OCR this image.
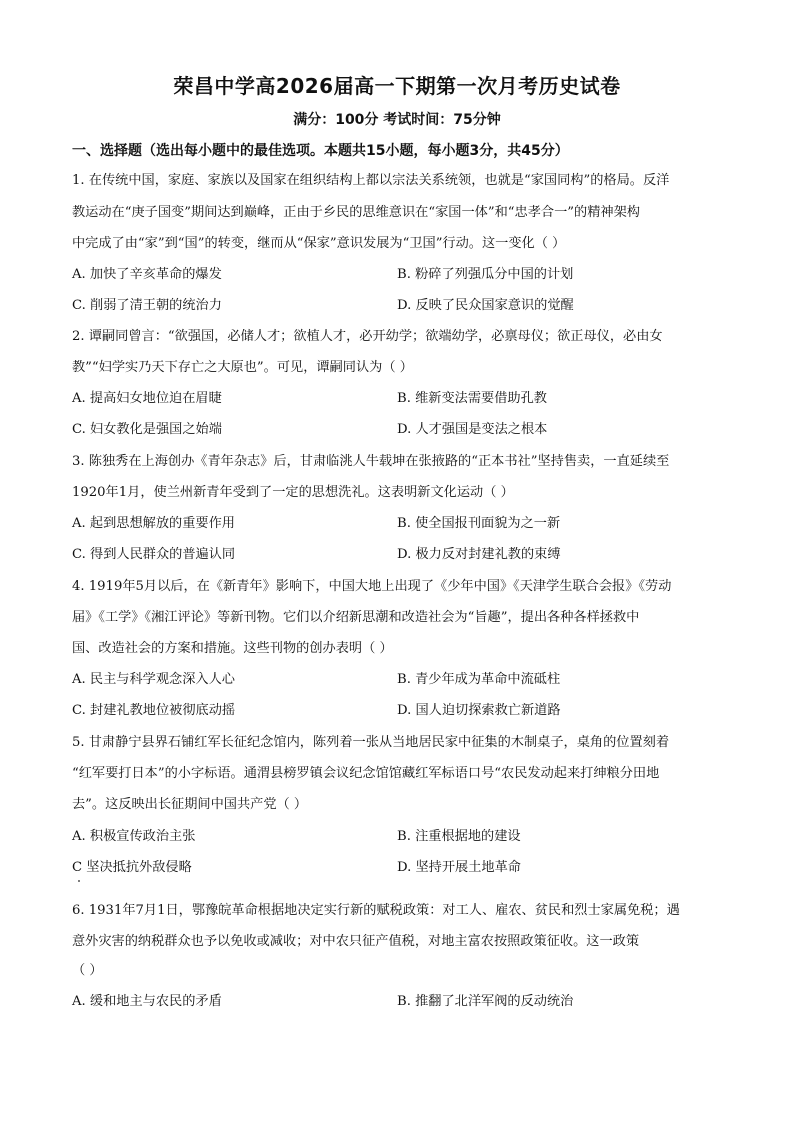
荣昌中学高2026届高一下期第一次月考历史试卷
满分：100分 考试时间：75分钟
一、选择题（选出每小题中的最佳选项。本题共15小题，每小题3分，共45分）
1. 在传统中国，家庭、家族以及国家在组织结构上都以宗法关系统领，也就是“家国同构”的格局。反洋
教运动在“庚子国变”期间达到巅峰，正由于乡民的思维意识在“家国一体”和“忠孝合一”的精神架构
中完成了由“家”到“国”的转变，继而从“保家”意识发展为“卫国”行动。这一变化（ ）
A. 加快了辛亥革命的爆发	B. 粉碎了列强瓜分中国的计划
C. 削弱了清王朝的统治力	D. 反映了民众国家意识的觉醒
2. 谭嗣同曾言：“欲强国，必储人才；欲植人才，必开幼学；欲端幼学，必禀母仪；欲正母仪，必由女
教”“妇学实乃天下存亡之大原也”。可见，谭嗣同认为（ ）
A. 提高妇女地位迫在眉睫	B. 维新变法需要借助孔教
C. 妇女教化是强国之始端	D. 人才强国是变法之根本
3. 陈独秀在上海创办《青年杂志》后，甘肃临洮人牛载坤在张掖路的“正本书社”坚持售卖，一直延续至
1920年1月，使兰州新青年受到了一定的思想洗礼。这表明新文化运动（ ）
A. 起到思想解放的重要作用	B. 使全国报刊面貌为之一新
C. 得到人民群众的普遍认同	D. 极力反对封建礼教的束缚
4. 1919年5月以后，在《新青年》影响下，中国大地上出现了《少年中国》《天津学生联合会报》《劳动
届》《工学》《湘江评论》等新刊物。它们以介绍新思潮和改造社会为“旨趣”，提出各种各样拯救中
国、改造社会的方案和措施。这些刊物的创办表明（ ）
A. 民主与科学观念深入人心	B. 青少年成为革命中流砥柱
C. 封建礼教地位被彻底动摇	D. 国人迫切探索救亡新道路
5. 甘肃静宁县界石铺红军长征纪念馆内，陈列着一张从当地居民家中征集的木制桌子，桌角的位置刻着
“红军要打日本”的小字标语。通渭县榜罗镇会议纪念馆馆藏红军标语口号“农民发动起来打绅粮分田地
去”。这反映出长征期间中国共产党（ ）
A. 积极宣传政治主张	B. 注重根据地的建设
C 坚决抵抗外敌侵略	D. 坚持开展土地革命
6. 1931年7月1日，鄂豫皖革命根据地决定实行新的赋税政策：对工人、雇农、贫民和烈士家属免税；遇
意外灾害的纳税群众也予以免收或减收；对中农只征产值税，对地主富农按照政策征收。这一政策
（ ）
A. 缓和地主与农民的矛盾	B. 推翻了北洋军阀的反动统治
